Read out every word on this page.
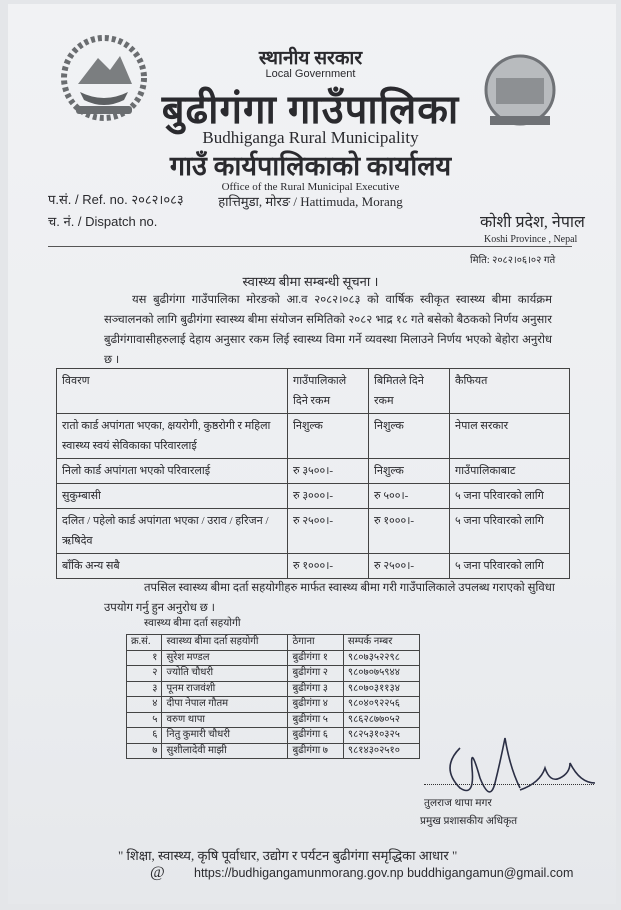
स्थानीय सरकार
Local Government
बुढीगंगा गाउँपालिका
Budhiganga Rural Municipality
गाउँ कार्यपालिकाको कार्यालय
Office of the Rural Municipal Executive
हात्तिमुडा, मोरङ / Hattimuda, Morang
प.सं. / Ref. no. २०८२।०८३
च. नं. / Dispatch no.	कोशी प्रदेश, नेपाल
Koshi Province , Nepal
मिति: २०८२।०६।०२ गते
स्वास्थ्य बीमा सम्बन्धी सूचना ।
यस बुढीगंगा गाउँपालिका मोरङको आ.व २०८२।०८३ को वार्षिक स्वीकृत स्वास्थ्य बीमा कार्यक्रम सञ्चालनको लागि बुढीगंगा स्वास्थ्य बीमा संयोजन समितिको २०८२ भाद्र १८ गते बसेको बैठकको निर्णय अनुसार बुढीगंगावासीहरुलाई देहाय अनुसार रकम लिई स्वास्थ्य विमा गर्ने व्यवस्था मिलाउने निर्णय भएको बेहोरा अनुरोध छ ।
विवरण	गाउँपालिकाले दिने रकम	बिमितले दिने रकम	कैफियत
रातो कार्ड अपांगता भएका, क्षयरोगी, कुष्ठरोगी र महिला स्वास्थ्य स्वयं सेविकाका परिवारलाई	निशुल्क	निशुल्क	नेपाल सरकार
निलो कार्ड अपांगता भएको परिवारलाई	रु ३५००।-	निशुल्क	गाउँपालिकाबाट
सुकुम्बासी	रु ३०००।-	रु ५००।-	५ जना परिवारको लागि
दलित / पहेलो कार्ड अपांगता भएका / उराव / हरिजन / ऋषिदेव	रु २५००।-	रु १०००।-	५ जना परिवारको लागि
बाँकि अन्य सबै	रु १०००।-	रु २५००।-	५ जना परिवारको लागि
तपसिल स्वास्थ्य बीमा दर्ता सहयोगीहरु मार्फत स्वास्थ्य बीमा गरी गाउँपालिकाले उपलब्ध गराएको सुविधा उपयोग गर्नु हुन अनुरोध छ ।
स्वास्थ्य बीमा दर्ता सहयोगी
क्र.सं.	स्वास्थ्य बीमा दर्ता सहयोगी	ठेगाना	सम्पर्क नम्बर
१	सुरेश मण्डल	बुढीगंगा १	९८०७३५२२९८
२	ज्योति चौधरी	बुढीगंगा २	९८०७०७५९४४
३	पूनम राजवंशी	बुढीगंगा ३	९८०७०३११३४
४	दीपा नेपाल गौतम	बुढीगंगा ४	९८०४०९२२५६
५	वरुण थापा	बुढीगंगा ५	९८६२८७७०५२
६	नितु कुमारी चौधरी	बुढीगंगा ६	९८२५३१०३२५
७	सुशीलादेवी माझी	बुढीगंगा ७	९८१४३०२५१०
तुलराज थापा मगर
प्रमुख प्रशासकीय अधिकृत
" शिक्षा, स्वास्थ्य, कृषि पूर्वाधार, उद्योग र पर्यटन बुढीगंगा समृद्धिका आधार "
@ https://budhigangamunmorang.gov.np buddhigangamun@gmail.com
